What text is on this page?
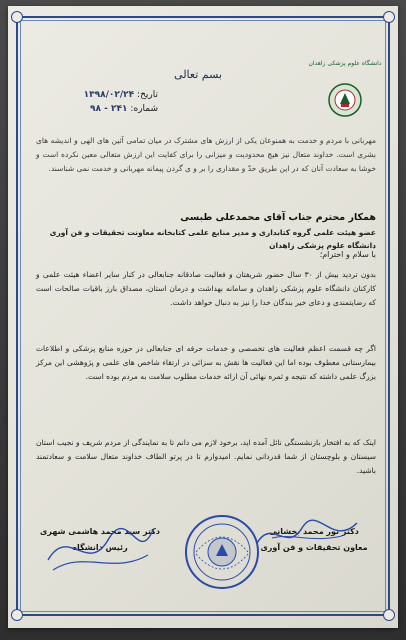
بسم تعالی
دانشگاه علوم پزشکی زاهدان
تاریخ: ۱۳۹۸/۰۲/۲۴
شماره: ۲۴۱ - ۹۸
مهربانی با مردم و خدمت به همنوعان یکی از ارزش های مشترک در میان تمامی آئین های الهی و اندیشه های بشری است. خداوند متعال نیز هیچ محدودیت و میزانی را برای کفایت این ارزش متعالی معین نکرده است و خوشا به سعادت آنان که در این طریق حدّ و مقداری را بر و ی گردن پیمانه مهربانی و خدمت نمی شناسند.
همکار محترم جناب آقای محمدعلی طبسی
عضو هیئت علمی گروه کتابداری و مدیر منابع علمی کتابخانه معاونت تحقیقات و فن آوری دانشگاه علوم پزشکی زاهدان
با سلام و احترام؛
بدون تردید بیش از ۳۰ سال حضور شریفتان و فعالیت صادقانه جنابعالی در کنار سایر اعضاء هیئت علمی و کارکنان دانشگاه علوم پزشکی زاهدان و سامانه بهداشت و درمان استان، مصداق بارز باقیات صالحات است که رضایتمندی و دعای خیر بندگان خدا را نیز به دنبال خواهد داشت.
اگر چه قسمت اعظم فعالیت های تخصصی و خدمات حرفه ای جنابعالی در حوزه منابع پزشکی و اطلاعات بیمارستانی معطوف بوده اما این فعالیت ها نقش به سزائی در ارتقاء شاخص های علمی و پژوهشی این مرکز بزرگ علمی داشته که نتیجه و ثمره نهائی آن ارائه خدمات مطلوب سلامت به مردم بوده است.
اینک که به افتخار بازنشستگی نائل آمده اید، برخود لازم می دانم تا به نمایندگی از مردم شریف و نجیب استان سیستان و بلوچستان از شما قدردانی نمایم. امیدوارم تا در پرتو الطاف خداوند متعال سلامت و سعادتمند باشید.
دکتر نور محمد بخشانی
معاون تحقیقات و فن آوری
دکتر سید محمد هاشمی شهری
رئیس دانشگاه
